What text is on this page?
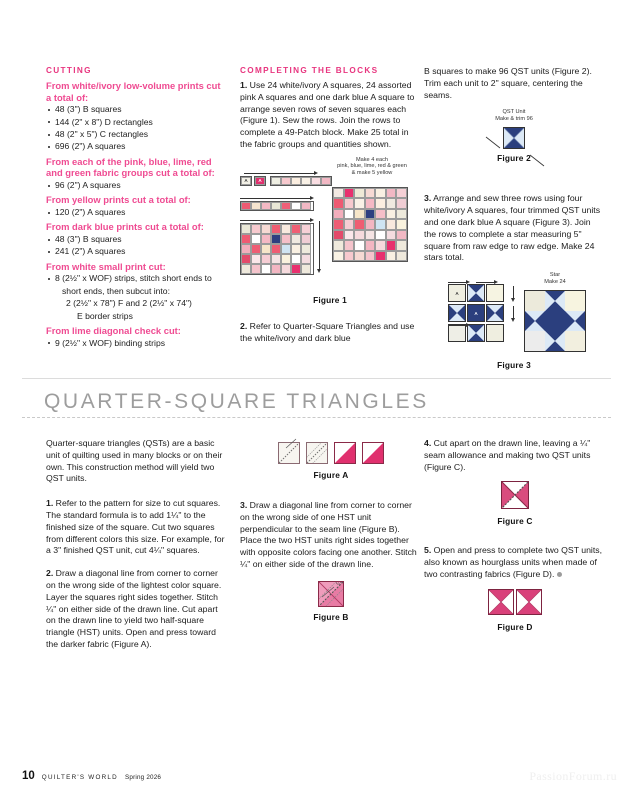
CUTTING
From white/ivory low-volume prints cut a total of:
48 (3") B squares
144 (2" x 8") D rectangles
48 (2" x 5") C rectangles
696 (2") A squares
From each of the pink, blue, lime, red and green fabric groups cut a total of:
96 (2") A squares
From yellow prints cut a total of:
120 (2") A squares
From dark blue prints cut a total of:
48 (3") B squares
241 (2") A squares
From white small print cut:
8 (2½" x WOF) strips, stitch short ends to
short ends, then subcut into:
2 (2½" x 78") F and 2 (2½" x 74")
E border strips
From lime diagonal check cut:
9 (2½" x WOF) binding strips
COMPLETING THE BLOCKS

1. Use 24 white/ivory A squares, 24 assorted pink A squares and one dark blue A square to arrange seven rows of seven squares each (Figure 1). Sew the rows. Join the rows to complete a 49-Patch block. Make 25 total in the fabric groups and quantities shown.

Make 4 each
pink, blue, lime, red & green
& make 5 yellow
A	A
Figure 1

2. Refer to Quarter-Square Triangles and use the white/ivory and dark blue

B squares to make 96 QST units (Figure 2). Trim each unit to 2" square, centering the seams.

QST Unit
Make & trim 96
Figure 2

3. Arrange and sew three rows using four white/ivory A squares, four trimmed QST units and one dark blue A square (Figure 3). Join the rows to complete a star measuring 5" square from raw edge to raw edge. Make 24 stars total.

Star
Make 24
A
A
Figure 3
QUARTER-SQUARE TRIANGLES

Quarter-square triangles (QSTs) are a basic unit of quilting used in many blocks or on their own. This construction method will yield two QST units.

1. Refer to the pattern for size to cut squares. The standard formula is to add 1¼" to the finished size of the square. Cut two squares from different colors this size. For example, for a 3" finished QST unit, cut 4¼" squares.

2. Draw a diagonal line from corner to corner on the wrong side of the lightest color square. Layer the squares right sides together. Stitch ¼" on either side of the drawn line. Cut apart on the drawn line to yield two half-square triangle (HST) units. Open and press toward the darker fabric (Figure A).

Figure A

3. Draw a diagonal line from corner to corner on the wrong side of one HST unit perpendicular to the seam line (Figure B). Place the two HST units right sides together with opposite colors facing one another. Stitch ¼" on either side of the drawn line.

¼"
Figure B

4. Cut apart on the drawn line, leaving a ¼" seam allowance and making two QST units (Figure C).

Figure C

5. Open and press to complete two QST units, also known as hourglass units when made of two contrasting fabrics (Figure D).

Figure D
10 QUILTER'S WORLD Spring 2026	PassionForum.ru
